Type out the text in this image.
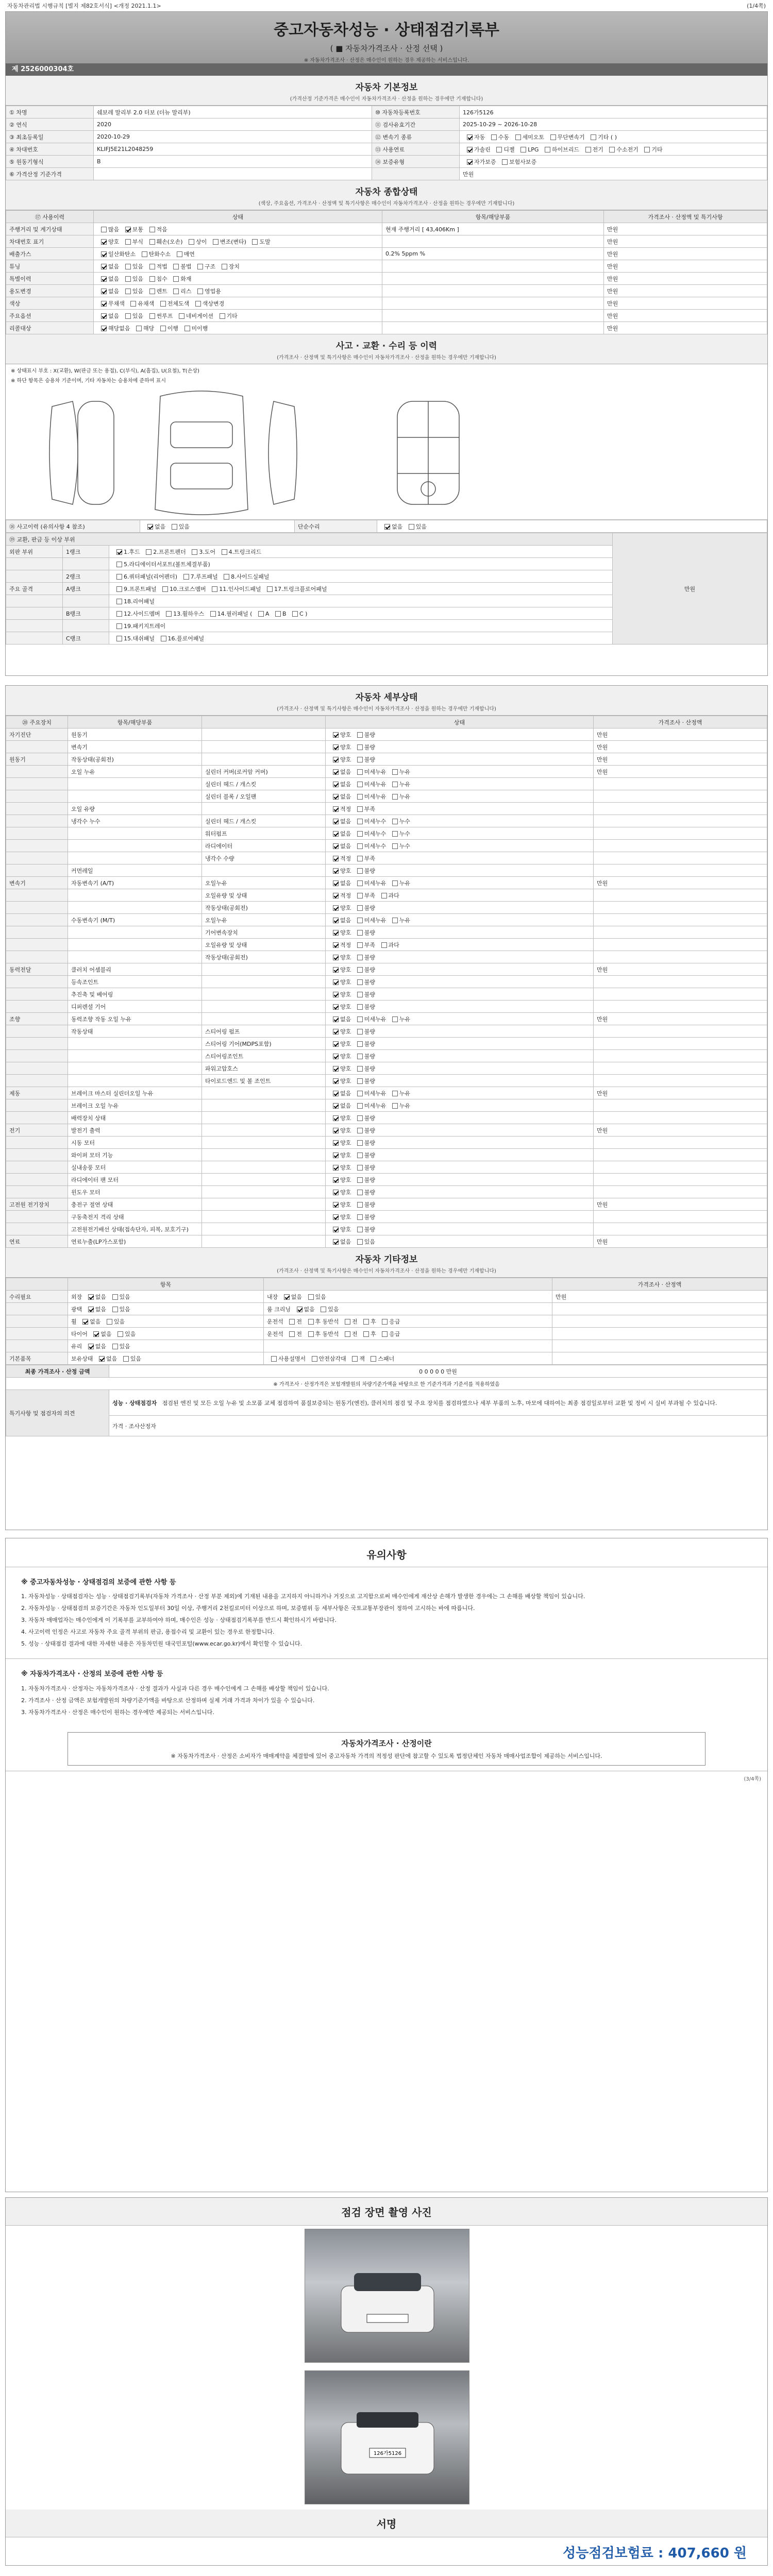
자동차관리법 시행규칙 [별지 제82호서식] <개정 2021.1.1>	(1/4쪽)
중고자동차성능 · 상태점검기록부
( ■ 자동차가격조사 · 산정 선택 )
※ 자동차가격조사 · 산정은 매수인이 원하는 경우 제공하는 서비스입니다.
제 2526000304호
자동차 기본정보
(가격산정 기준가격은 매수인이 자동차가격조사 · 산정을 원하는 경우에만 기재합니다)
① 차명	쉐보레 말리부 2.0 터보 (더뉴 말리부)	⑩ 자동차등록번호	126가5126
② 연식	2020	⑪ 검사유효기간	2025-10-29 ~ 2026-10-28
③ 최초등록일	2020-10-29	⑫ 변속기 종류	자동 수동 세미오토 무단변속기 기타 ( )
④ 차대번호	KLIFJ5E21L2048259	⑬ 사용연료	가솔린 디젤 LPG 하이브리드 전기 수소전기 기타
⑤ 원동기형식	B	⑭ 보증유형	자가보증 보험사보증
⑥ 가격산정 기준가격			만원
자동차 종합상태
(색상, 주요옵션, 가격조사 · 산정액 및 특기사항은 매수인이 자동차가격조사 · 산정을 원하는 경우에만 기재합니다)
⑰ 사용이력	상태	항목/해당부품	가격조사 · 산정액 및 특기사항
주행거리 및 계기상태	많음 보통 적음	현재 주행거리 [ 43,406Km ]	만원
차대번호 표기	양호 부식 훼손(오손) 상이 변조(변타) 도말		만원
배출가스	일산화탄소 탄화수소 매연	0.2% 5ppm %	만원
튜닝	없음 있음 적법 불법 구조 장치		만원
특별이력	없음 있음 침수 화재		만원
용도변경	없음 있음 렌트 리스 영업용		만원
색상	무채색 유채색 전체도색 색상변경		만원
주요옵션	없음 있음 썬루프 네비게이션 기타		만원
리콜대상	해당없음 해당 이행 미이행		만원
사고 · 교환 · 수리 등 이력
(가격조사 · 산정액 및 특기사항은 매수인이 자동차가격조사 · 산정을 원하는 경우에만 기재합니다)
※ 상태표시 부호 : X(교환), W(판금 또는 용접), C(부식), A(흠집), U(요철), T(손상)
※ 하단 항목은 승용차 기준이며, 기타 자동차는 승용차에 준하여 표시
⑱ 사고이력 (유의사항 4 참조)	없음 있음	단순수리	없음 있음
⑲ 교환, 판금 등 이상 부위			만원
외판 부위	1랭크	1.후드 2.프론트펜더 3.도어 4.트렁크리드	
		5.라디에이터서포트(볼트체결부품)	
	2랭크	6.쿼터패널(리어펜더) 7.루프패널 8.사이드실패널	
주요 골격	A랭크	9.프론트패널 10.크로스멤버 11.인사이드패널 17.트렁크플로어패널	
		18.리어패널	
	B랭크	12.사이드멤버 13.휠하우스 14.필러패널 ( A B C )	
		19.패키지트레이	
	C랭크	15.대쉬패널 16.플로어패널	
자동차 세부상태
(가격조사 · 산정액 및 특기사항은 매수인이 자동차가격조사 · 산정을 원하는 경우에만 기재합니다)
⑳ 주요장치	항목/해당부품		상태	가격조사 · 산정액
자기진단	원동기		양호 불량	만원
	변속기		양호 불량	만원
원동기	작동상태(공회전)		양호 불량	만원
	오일 누유	실린더 커버(로커암 커버)	없음 미세누유 누유	만원
		실린더 헤드 / 개스킷	없음 미세누유 누유	
		실린더 블록 / 오일팬	없음 미세누유 누유	
	오일 유량		적정 부족	
	냉각수 누수	실린더 헤드 / 개스킷	없음 미세누수 누수	
		워터펌프	없음 미세누수 누수	
		라디에이터	없음 미세누수 누수	
		냉각수 수량	적정 부족	
	커먼레일		양호 불량	
변속기	자동변속기 (A/T)	오일누유	없음 미세누유 누유	만원
		오일유량 및 상태	적정 부족 과다	
		작동상태(공회전)	양호 불량	
	수동변속기 (M/T)	오일누유	없음 미세누유 누유	
		기어변속장치	양호 불량	
		오일유량 및 상태	적정 부족 과다	
		작동상태(공회전)	양호 불량	
동력전달	클러치 어셈블리		양호 불량	만원
	등속조인트		양호 불량	
	추진축 및 베어링		양호 불량	
	디퍼렌셜 기어		양호 불량	
조향	동력조향 작동 오일 누유		없음 미세누유 누유	만원
	작동상태	스티어링 펌프	양호 불량	
		스티어링 기어(MDPS포함)	양호 불량	
		스티어링조인트	양호 불량	
		파워고압호스	양호 불량	
		타이로드엔드 및 볼 조인트	양호 불량	
제동	브레이크 마스터 실린더오일 누유		없음 미세누유 누유	만원
	브레이크 오일 누유		없음 미세누유 누유	
	배력장치 상태		양호 불량	
전기	발전기 출력		양호 불량	만원
	시동 모터		양호 불량	
	와이퍼 모터 기능		양호 불량	
	실내송풍 모터		양호 불량	
	라디에이터 팬 모터		양호 불량	
	윈도우 모터		양호 불량	
고전원 전기장치	충전구 절연 상태		양호 불량	만원
	구동축전지 격리 상태		양호 불량	
	고전원전기배선 상태(접속단자, 피복, 보호기구)		양호 불량	
연료	연료누출(LP가스포함)		없음 있음	만원
자동차 기타정보
(가격조사 · 산정액 및 특기사항은 매수인이 자동차가격조사 · 산정을 원하는 경우에만 기재합니다)
	항목		가격조사 · 산정액
수리필요	외장 없음 있음	내장 없음 있음	만원
	광택 없음 있음	룸 크리닝 없음 있음	
	휠 없음 있음	운전석 전 후 동반석 전 후 응급	
	타이어 없음 있음	운전석 전 후 동반석 전 후 응급	
	유리 없음 있음		
기본품목	보유상태 없음 있음	사용설명서 안전삼각대 잭 스패너	
최종 가격조사 · 산정 금액	0 0 0 0 0 만원
※ 가격조사 · 산정가격은 보험개발원의 차량기준가액을 바탕으로 한 기준가격과 기준서를 적용하였음	
특기사항 및 점검자의 의견	성능 · 상태점검자 점검된 엔진 및 모든 오일 누유 및 소모품 교체 점검하여 품질보증되는 원동기(엔진), 클러치의 점검 및 주요 장치를 점검하였으나 세부 부품의 노후, 마모에 대하여는 최종 점검일로부터 교환 및 정비 시 실비 부과될 수 있습니다.
	가격 · 조사산정자
유의사항
※ 중고자동차성능 · 상태점검의 보증에 관한 사항 등

1. 자동차성능 · 상태점검자는 성능 · 상태점검기록부(자동차 가격조사 · 산정 부분 제외)에 기재된 내용을 고지하지 아니하거나 거짓으로 고지함으로써 매수인에게 재산상 손해가 발생한 경우에는 그 손해를 배상할 책임이 있습니다.

2. 자동차성능 · 상태점검의 보증기간은 자동차 인도일부터 30일 이상, 주행거리 2천킬로미터 이상으로 하며, 보증범위 등 세부사항은 국토교통부장관이 정하여 고시하는 바에 따릅니다.

3. 자동차 매매업자는 매수인에게 이 기록부를 교부하여야 하며, 매수인은 성능 · 상태점검기록부를 반드시 확인하시기 바랍니다.

4. 사고이력 인정은 사고로 자동차 주요 골격 부위의 판금, 용접수리 및 교환이 있는 경우로 한정합니다.

5. 성능 · 상태점검 결과에 대한 자세한 내용은 자동차민원 대국민포털(www.ecar.go.kr)에서 확인할 수 있습니다.

※ 자동차가격조사 · 산정의 보증에 관한 사항 등

1. 자동차가격조사 · 산정자는 자동차가격조사 · 산정 결과가 사실과 다른 경우 매수인에게 그 손해를 배상할 책임이 있습니다.

2. 가격조사 · 산정 금액은 보험개발원의 차량기준가액을 바탕으로 산정하며 실제 거래 가격과 차이가 있을 수 있습니다.

3. 자동차가격조사 · 산정은 매수인이 원하는 경우에만 제공되는 서비스입니다.

자동차가격조사 · 산정이란
※ 자동차가격조사 · 산정은 소비자가 매매계약을 체결함에 있어 중고자동차 가격의 적정성 판단에 참고할 수 있도록 법정단체인 자동차 매매사업조합이 제공하는 서비스입니다.
(3/4쪽)
점검 장면 촬영 사진
126가5126
서명
성능점검보험료 : 407,660 원
